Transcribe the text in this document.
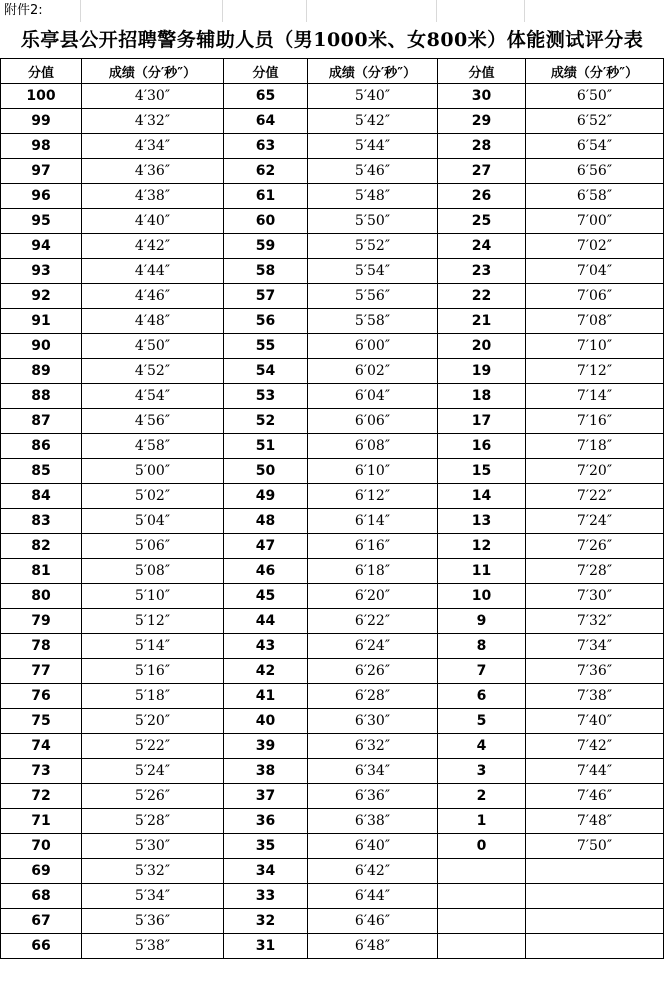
附件2:
乐亭县公开招聘警务辅助人员（男1000米、女800米）体能测试评分表
分值	成绩（分′秒″）	分值	成绩（分′秒″）	分值	成绩（分′秒″）
100	4′30″	65	5′40″	30	6′50″
99	4′32″	64	5′42″	29	6′52″
98	4′34″	63	5′44″	28	6′54″
97	4′36″	62	5′46″	27	6′56″
96	4′38″	61	5′48″	26	6′58″
95	4′40″	60	5′50″	25	7′00″
94	4′42″	59	5′52″	24	7′02″
93	4′44″	58	5′54″	23	7′04″
92	4′46″	57	5′56″	22	7′06″
91	4′48″	56	5′58″	21	7′08″
90	4′50″	55	6′00″	20	7′10″
89	4′52″	54	6′02″	19	7′12″
88	4′54″	53	6′04″	18	7′14″
87	4′56″	52	6′06″	17	7′16″
86	4′58″	51	6′08″	16	7′18″
85	5′00″	50	6′10″	15	7′20″
84	5′02″	49	6′12″	14	7′22″
83	5′04″	48	6′14″	13	7′24″
82	5′06″	47	6′16″	12	7′26″
81	5′08″	46	6′18″	11	7′28″
80	5′10″	45	6′20″	10	7′30″
79	5′12″	44	6′22″	9	7′32″
78	5′14″	43	6′24″	8	7′34″
77	5′16″	42	6′26″	7	7′36″
76	5′18″	41	6′28″	6	7′38″
75	5′20″	40	6′30″	5	7′40″
74	5′22″	39	6′32″	4	7′42″
73	5′24″	38	6′34″	3	7′44″
72	5′26″	37	6′36″	2	7′46″
71	5′28″	36	6′38″	1	7′48″
70	5′30″	35	6′40″	0	7′50″
69	5′32″	34	6′42″		
68	5′34″	33	6′44″		
67	5′36″	32	6′46″		
66	5′38″	31	6′48″		
